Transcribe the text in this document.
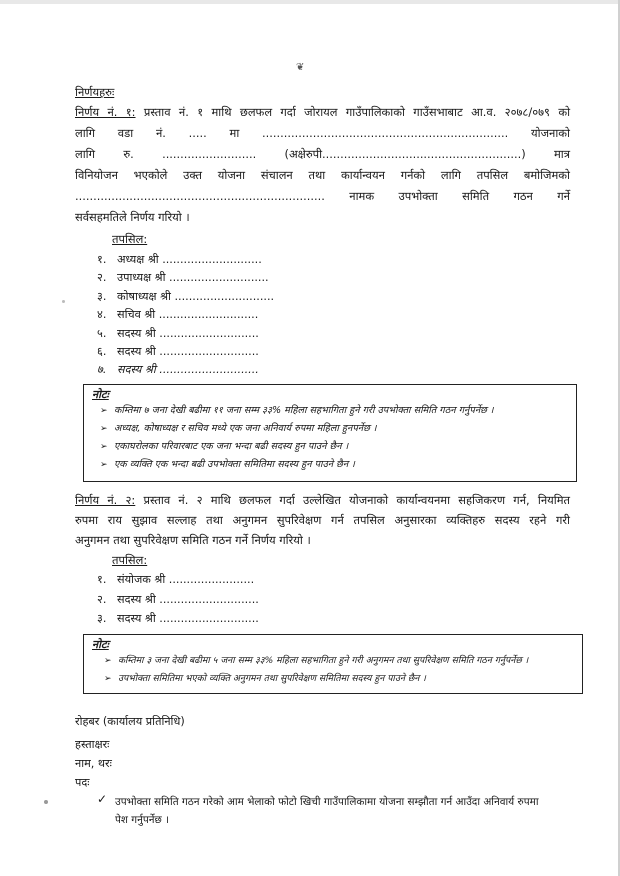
❦
निर्णयहरुः
निर्णय नं. १: प्रस्ताव नं. १ माथि छलफल गर्दा जोरायल गाउँपालिकाको गाउँसभाबाट आ.व. २०७८/०७९ को
लागि वडा नं. ..... मा .................................................................... योजनाको
लागि रु. .......................... (अक्षेरुपी.......................................................) मात्र
विनियोजन भएकोले उक्त योजना संचालन तथा कार्यान्वयन गर्नको लागि तपसिल बमोजिमको
..................................................................... नामक उपभोक्ता समिति गठन गर्ने
सर्वसहमतिले निर्णय गरियो ।
तपसिल:
१. अध्यक्ष श्री ............................
२. उपाध्यक्ष श्री ............................
३. कोषाध्यक्ष श्री ............................
४. सचिव श्री ............................
५. सदस्य श्री ............................
६. सदस्य श्री ............................
७. सदस्य श्री ............................
नोटः
➢ कम्तिमा ७ जना देखी बढीमा ११ जना सम्म ३३% महिला सहभागिता हुने गरी उपभोक्ता समिति गठन गर्नुपर्नेछ ।
➢ अध्यक्ष, कोषाध्यक्ष र सचिव मध्ये एक जना अनिवार्य रुपमा महिला हुनपर्नेछ ।
➢ एकाघरोलका परिवारबाट एक जना भन्दा बढी सदस्य हुन पाउने छैन ।
➢ एक व्यक्ति एक भन्दा बढी उपभोक्ता समितिमा सदस्य हुन पाउने छैन ।
निर्णय नं. २: प्रस्ताव नं. २ माथि छलफल गर्दा उल्लेखित योजनाको कार्यान्वयनमा सहजिकरण गर्न, नियमित
रुपमा राय सुझाव सल्लाह तथा अनुगमन सुपरिवेक्षण गर्न तपसिल अनुसारका व्यक्तिहरु सदस्य रहने गरी
अनुगमन तथा सुपरिवेक्षण समिति गठन गर्ने निर्णय गरियो ।
तपसिल:
१. संयोजक श्री ........................
२. सदस्य श्री ............................
३. सदस्य श्री ............................
नोटः
➢ कम्तिमा ३ जना देखी बढीमा ५ जना सम्म ३३% महिला सहभागिता हुने गरी अनुगमन तथा सुपरिवेक्षण समिति गठन गर्नुपर्नेछ ।
➢ उपभोक्ता समितिमा भएको व्यक्ति अनुगमन तथा सुपरिवेक्षण समितिमा सदस्य हुन पाउने छैन ।
रोहबर (कार्यालय प्रतिनिधि)
हस्ताक्षरः
नाम, थरः
पदः
✓ उपभोक्ता समिति गठन गरेको आम भेलाको फोटो खिची गाउँपालिकामा योजना सम्झौता गर्न आउँदा अनिवार्य रुपमा
पेश गर्नुपर्नेछ ।
